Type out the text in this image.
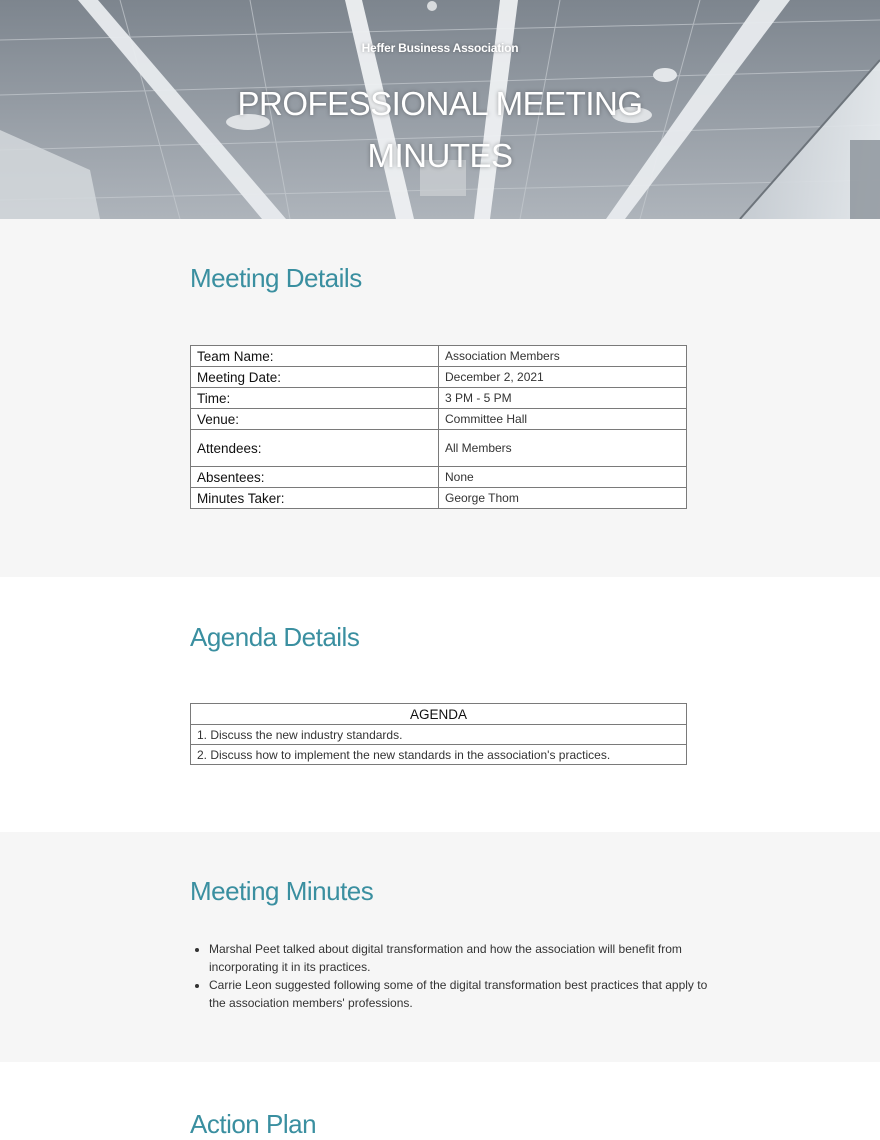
Heffer Business Association
PROFESSIONAL MEETING MINUTES
Meeting Details
Team Name:	Association Members
Meeting Date:	December 2, 2021
Time:	3 PM - 5 PM
Venue:	Committee Hall
Attendees:	All Members
Absentees:	None
Minutes Taker:	George Thom
Agenda Details
AGENDA
1. Discuss the new industry standards.
2. Discuss how to implement the new standards in the association's practices.
Meeting Minutes
• Marshal Peet talked about digital transformation and how the association will benefit from incorporating it in its practices.
• Carrie Leon suggested following some of the digital transformation best practices that apply to the association members' professions.
Action Plan
